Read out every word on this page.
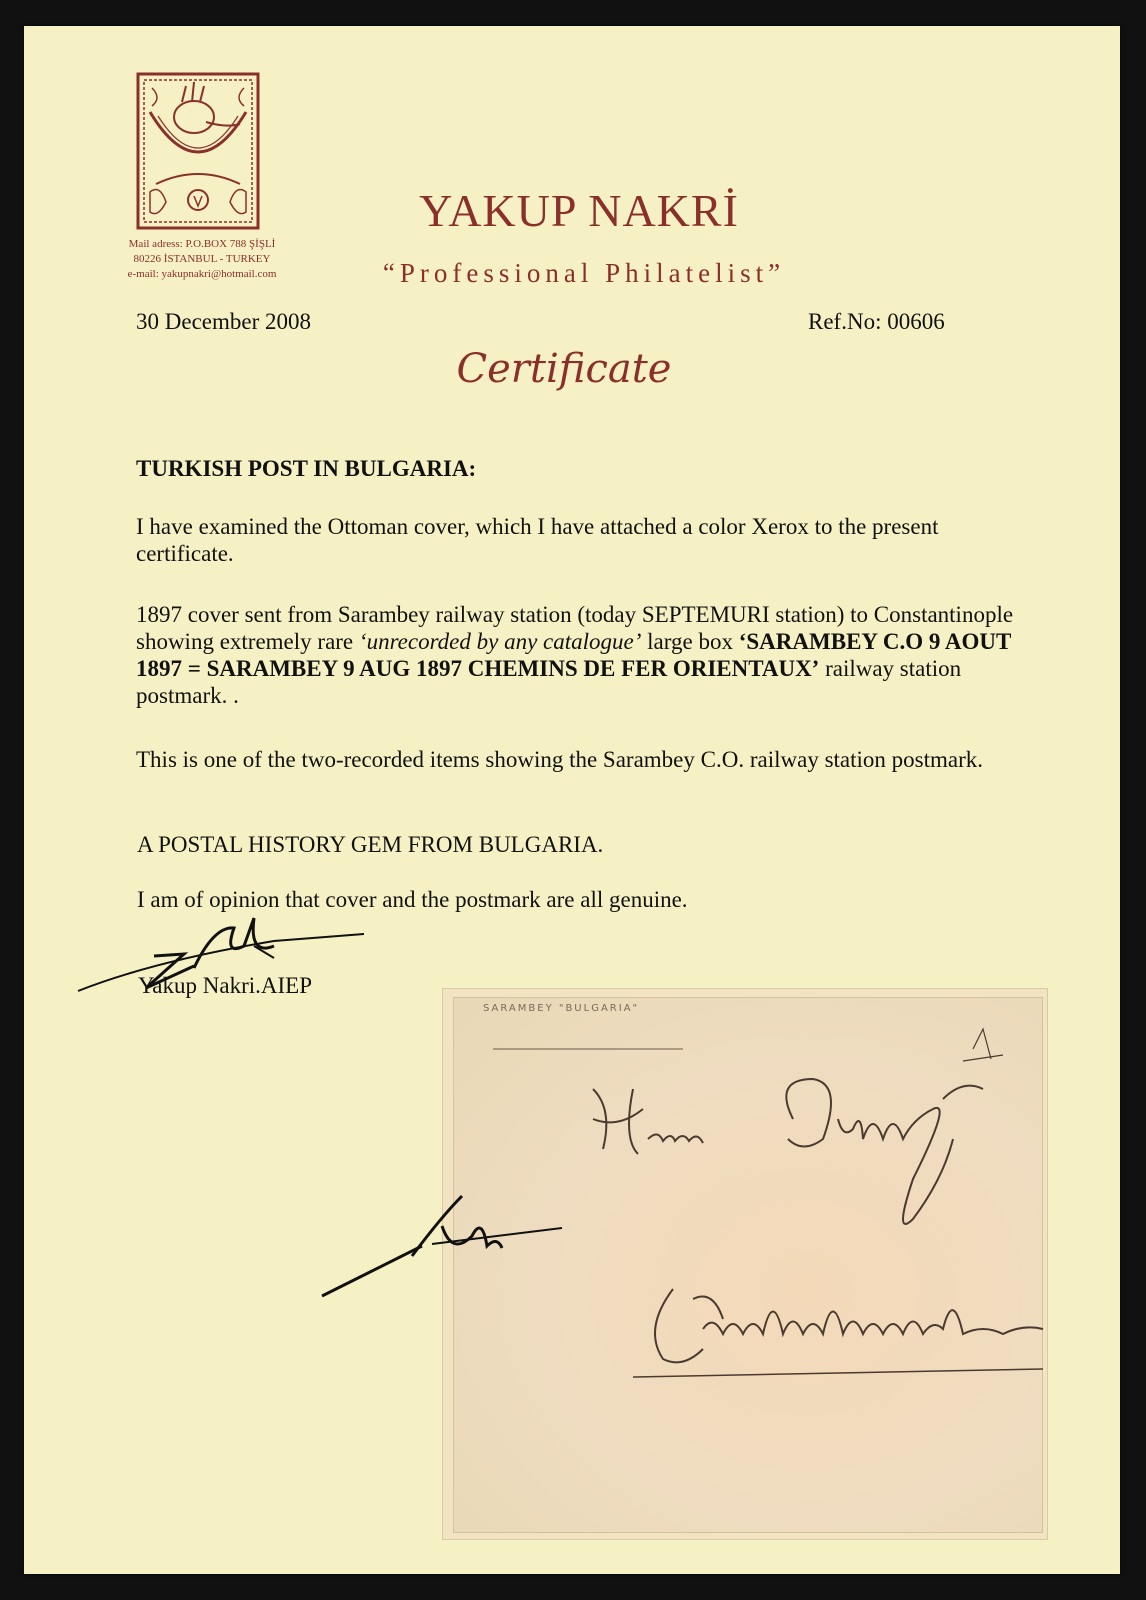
Mail adress: P.O.BOX 788 ŞİŞLİ
80226 İSTANBUL - TURKEY
e-mail: yakupnakri@hotmail.com
YAKUP NAKRİ
“Professional Philatelist”
30 December 2008	Ref.No: 00606
Certificate
TURKISH POST IN BULGARIA:
I have examined the Ottoman cover, which I have attached a color Xerox to the present certificate.
1897 cover sent from Sarambey railway station (today SEPTEMURI station) to Constantinople showing extremely rare ‘unrecorded by any catalogue’ large box ‘SARAMBEY C.O 9 AOUT 1897 = SARAMBEY 9 AUG 1897 CHEMINS DE FER ORIENTAUX’ railway station postmark. .
This is one of the two-recorded items showing the Sarambey C.O. railway station postmark.
A POSTAL HISTORY GEM FROM BULGARIA.
I am of opinion that cover and the postmark are all genuine.
Yakup Nakri.AIEP
SARAMBEY "BULGARIA"
